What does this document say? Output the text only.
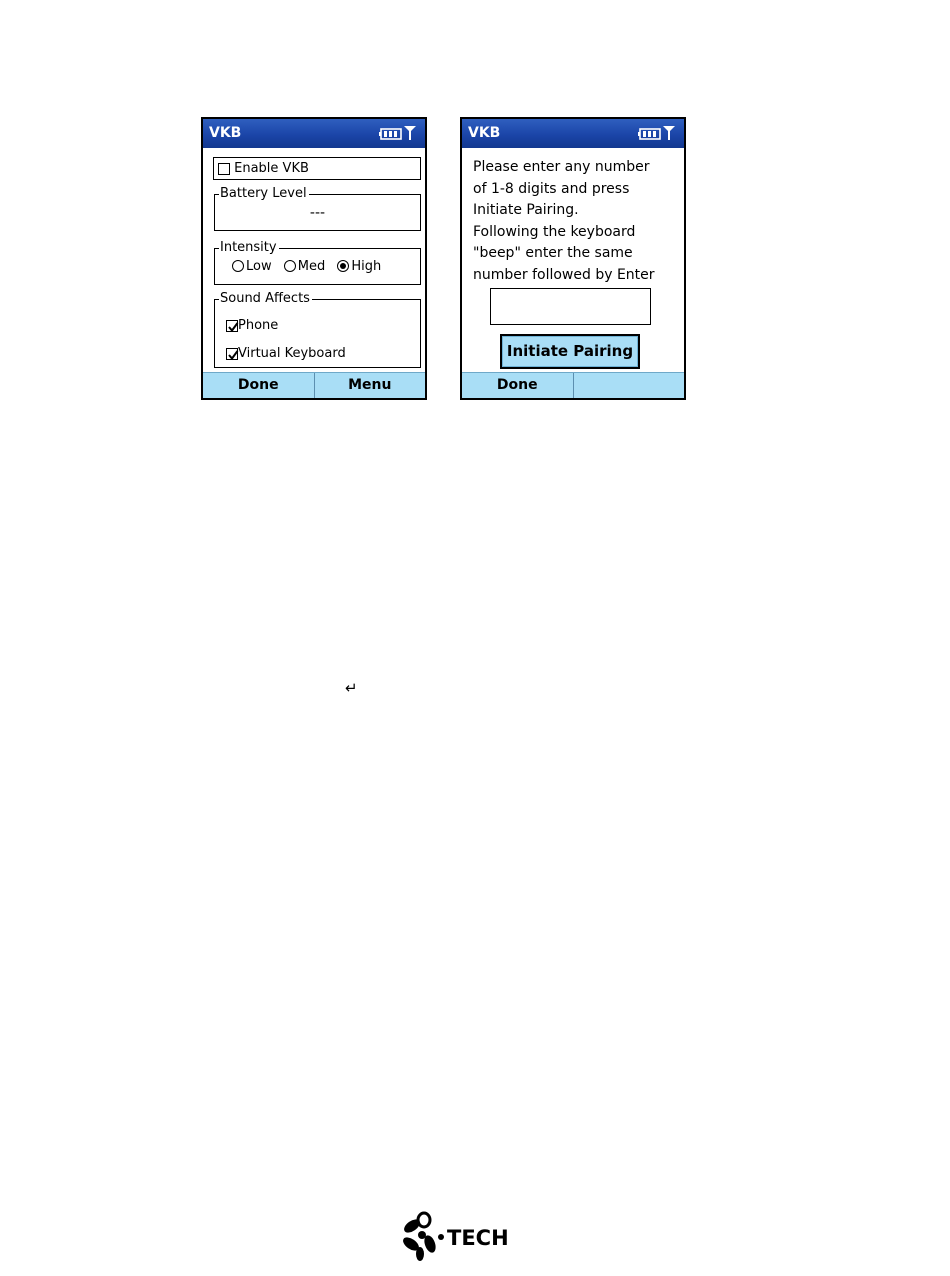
VKB
Enable VKB
Battery Level
---
Intensity
Low Med High
Sound Affects
Phone
Virtual Keyboard
Done	Menu
VKB

Please enter any number
of 1-8 digits and press
Initiate Pairing.
Following the keyboard
"beep" enter the same
number followed by Enter

Initiate Pairing
Done
↵
TECH
